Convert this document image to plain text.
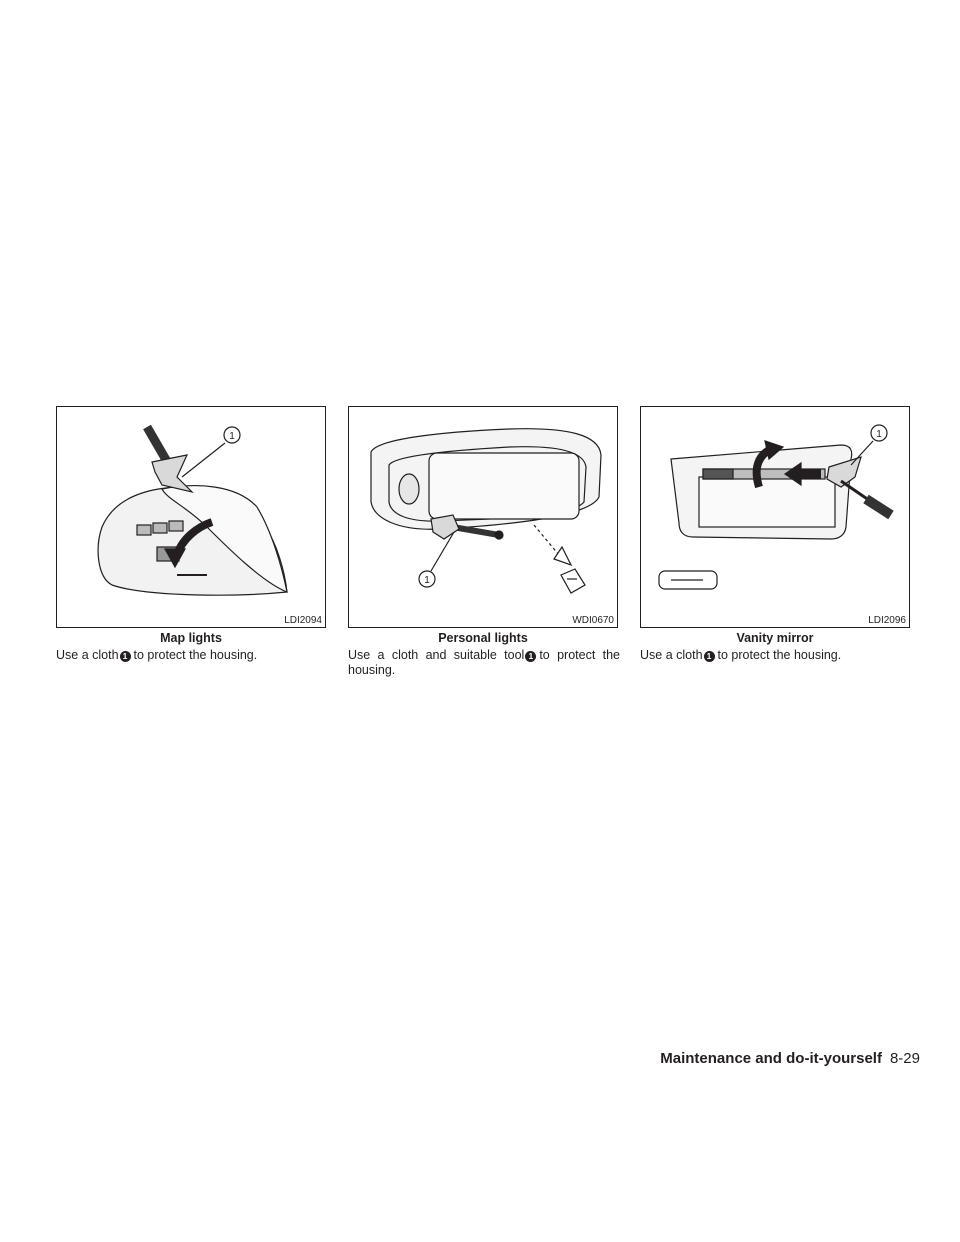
1
LDI2094
Map lights
Use a cloth 1 to protect the housing.
1
WDI0670
Personal lights
Use a cloth and suitable tool 1 to protect the housing.
1
LDI2096
Vanity mirror
Use a cloth 1 to protect the housing.
Maintenance and do-it-yourself 8-29
